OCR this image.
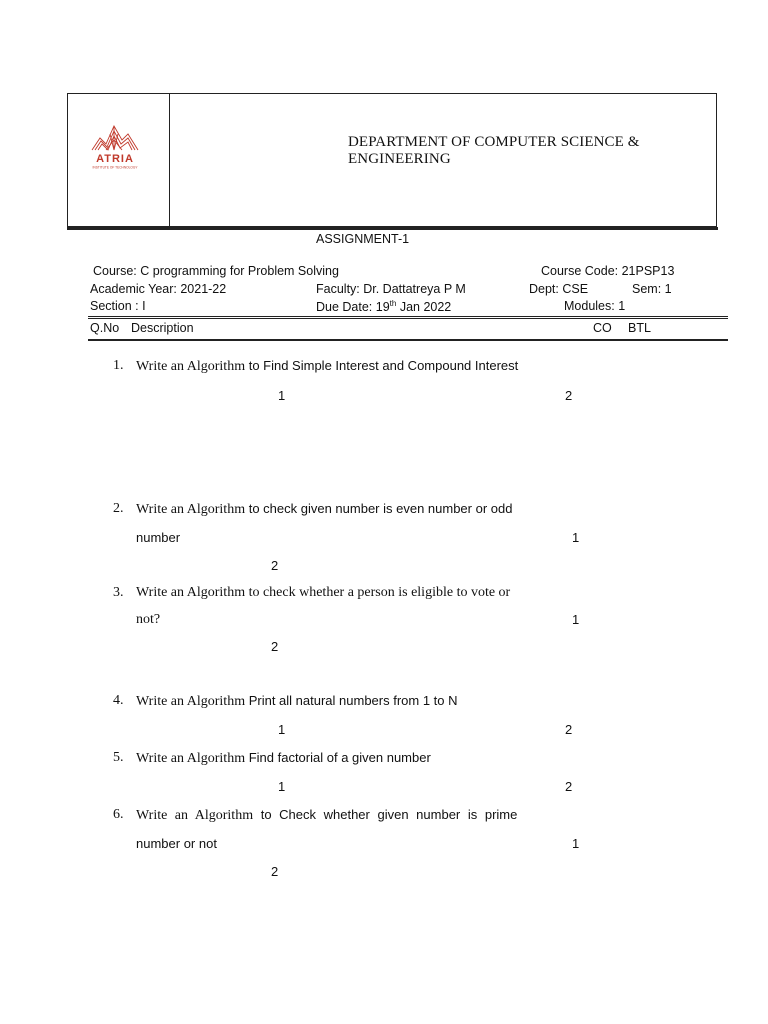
ATRIA
INSTITUTE OF TECHNOLOGY
DEPARTMENT OF COMPUTER SCIENCE & ENGINEERING
ASSIGNMENT-1
Course: C programming for Problem Solving	Course Code: 21PSP13
Academic Year: 2021-22	Faculty: Dr. Dattatreya P M	Dept: CSE	Sem: 1
Section : I	Due Date: 19th Jan 2022	Modules: 1
Q.No Description	CO BTL
1. Write an Algorithm to Find Simple Interest and Compound Interest
1	2
2. Write an Algorithm to check given number is even number or odd
number	1
2
3. Write an Algorithm to check whether a person is eligible to vote or
not?	1
2
4. Write an Algorithm Print all natural numbers from 1 to N
1	2
5. Write an Algorithm Find factorial of a given number
1	2
6. Write an Algorithm to Check whether given number is prime
number or not	1
2
